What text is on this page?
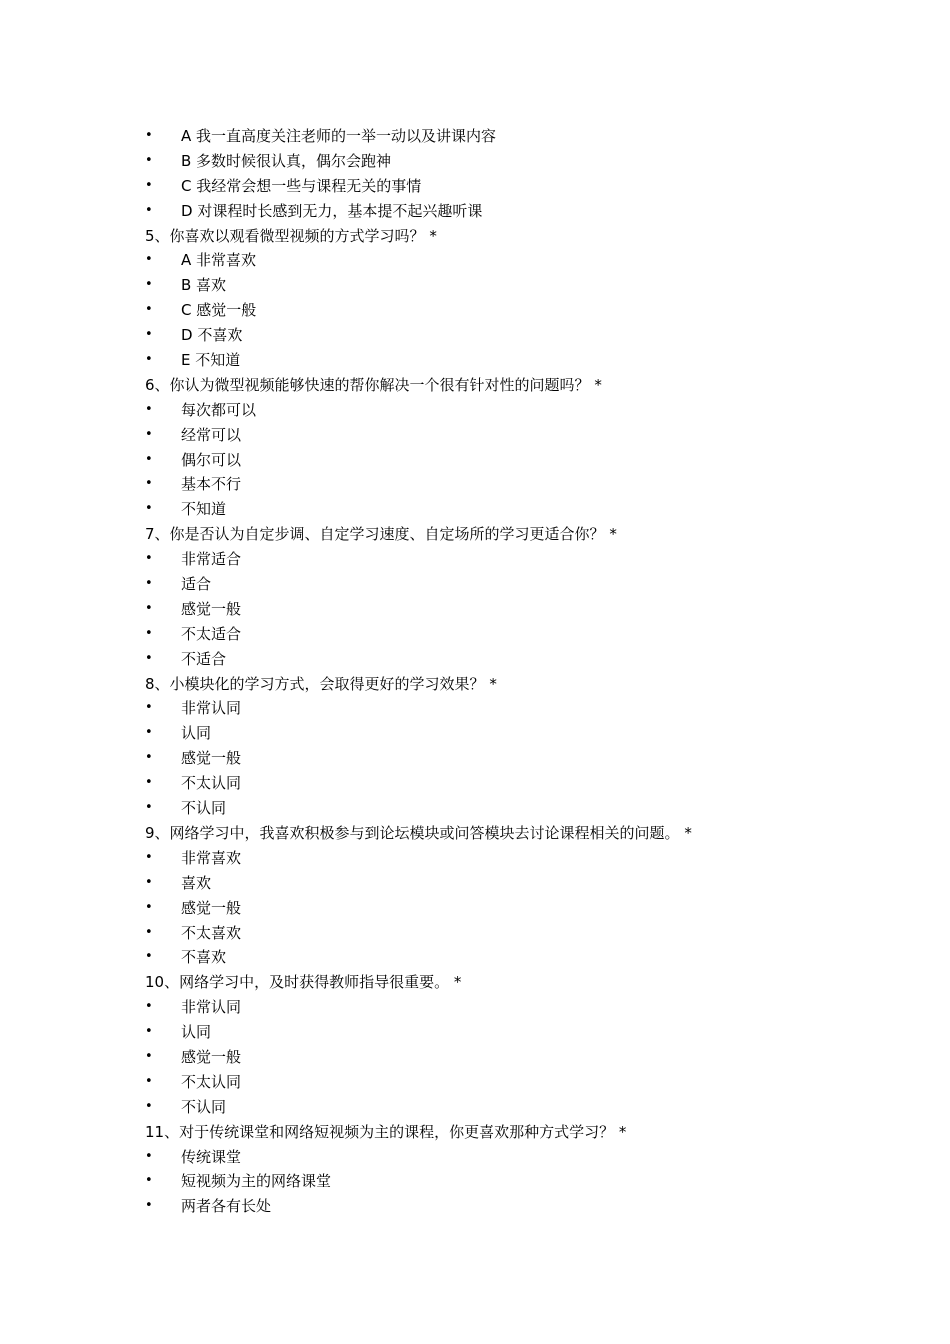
• A 我一直高度关注老师的一举一动以及讲课内容
• B 多数时候很认真，偶尔会跑神
• C 我经常会想一些与课程无关的事情
• D 对课程时长感到无力，基本提不起兴趣听课
5、你喜欢以观看微型视频的方式学习吗？ *
• A 非常喜欢
• B 喜欢
• C 感觉一般
• D 不喜欢
• E 不知道
6、你认为微型视频能够快速的帮你解决一个很有针对性的问题吗？ *
• 每次都可以
• 经常可以
• 偶尔可以
• 基本不行
• 不知道
7、你是否认为自定步调、自定学习速度、自定场所的学习更适合你？ *
• 非常适合
• 适合
• 感觉一般
• 不太适合
• 不适合
8、小模块化的学习方式，会取得更好的学习效果？ *
• 非常认同
• 认同
• 感觉一般
• 不太认同
• 不认同
9、网络学习中，我喜欢积极参与到论坛模块或问答模块去讨论课程相关的问题。 *
• 非常喜欢
• 喜欢
• 感觉一般
• 不太喜欢
• 不喜欢
10、网络学习中，及时获得教师指导很重要。 *
• 非常认同
• 认同
• 感觉一般
• 不太认同
• 不认同
11、对于传统课堂和网络短视频为主的课程，你更喜欢那种方式学习？ *
• 传统课堂
• 短视频为主的网络课堂
• 两者各有长处
